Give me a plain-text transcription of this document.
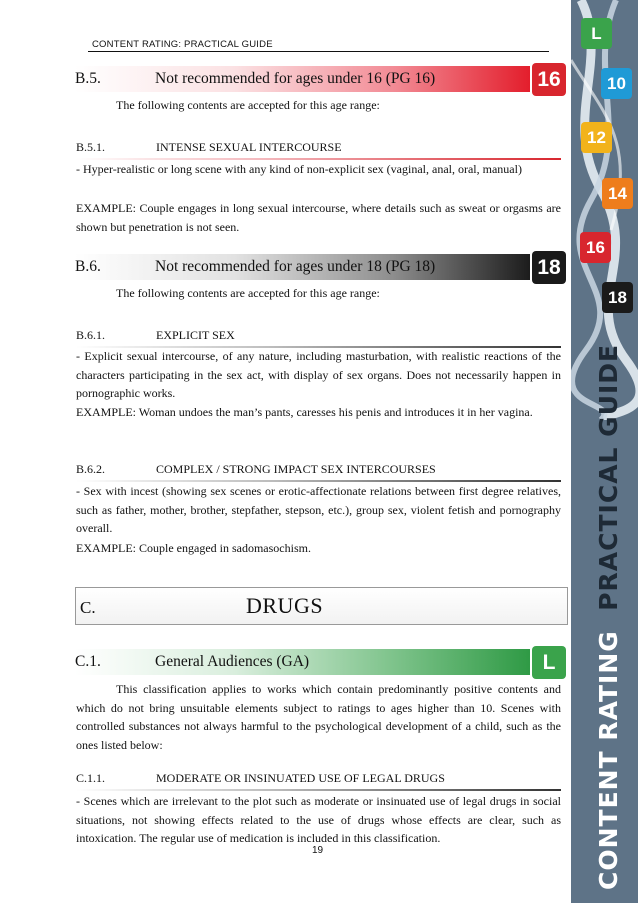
CONTENT RATING: PRACTICAL GUIDE
B.5.	Not recommended for ages under 16 (PG 16)	16

The following contents are accepted for this age range:

B.5.1.	INTENSE SEXUAL INTERCOURSE

- Hyper-realistic or long scene with any kind of non-explicit sex (vaginal, anal, oral, manual)

EXAMPLE: Couple engages in long sexual intercourse, where details such as sweat or orgasms are shown but penetration is not seen.

B.6.	Not recommended for ages under 18 (PG 18)	18

The following contents are accepted for this age range:

B.6.1.	EXPLICIT SEX

- Explicit sexual intercourse, of any nature, including masturbation, with realistic reactions of the characters participating in the sex act, with display of sex organs. Does not necessarily happen in pornographic works.

EXAMPLE: Woman undoes the man’s pants, caresses his penis and introduces it in her vagina.

B.6.2.	COMPLEX / STRONG IMPACT SEX INTERCOURSES

- Sex with incest (showing sex scenes or erotic-affectionate relations between first degree relatives, such as father, mother, brother, stepfather, stepson, etc.), group sex, violent fetish and pornography overall.

EXAMPLE: Couple engaged in sadomasochism.

C.	DRUGS
C.1.	General Audiences (GA)	L

This classification applies to works which contain predominantly positive contents and which do not bring unsuitable elements subject to ratings to ages higher than 10. Scenes with controlled substances not always harmful to the psychological development of a child, such as the ones listed below:

C.1.1.	MODERATE OR INSINUATED USE OF LEGAL DRUGS

- Scenes which are irrelevant to the plot such as moderate or insinuated use of legal drugs in social situations, not showing effects related to the use of drugs whose effects are clear, such as intoxication. The regular use of medication is included in this classification.

19
L
10
12
14
16
18
CONTENT RATING  PRACTICAL GUIDE
